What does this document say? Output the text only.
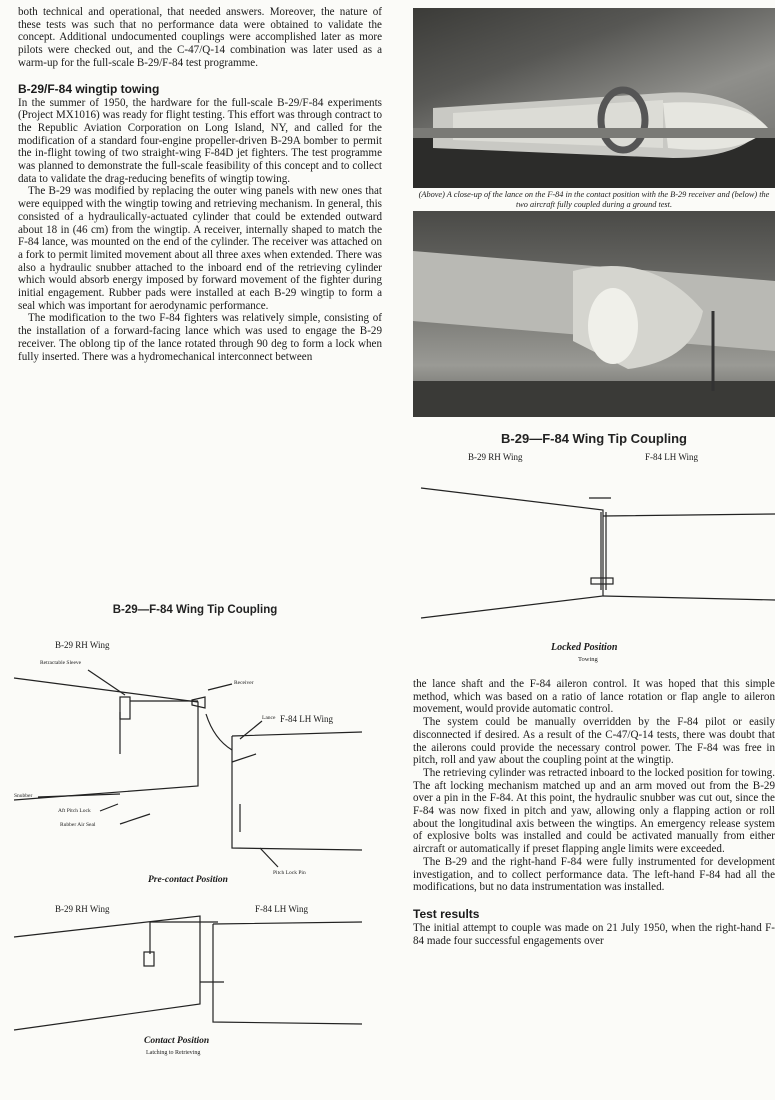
both technical and operational, that needed answers. Moreover, the nature of these tests was such that no performance data were obtained to validate the concept. Additional undocumented couplings were accomplished later as more pilots were checked out, and the C-47/Q-14 combination was later used as a warm-up for the full-scale B-29/F-84 test programme.

B-29/F-84 wingtip towing

In the summer of 1950, the hardware for the full-scale B-29/F-84 experiments (Project MX1016) was ready for flight testing. This effort was through contract to the Republic Aviation Corporation on Long Island, NY, and called for the modification of a standard four-engine propeller-driven B-29A bomber to permit the in-flight towing of two straight-wing F-84D jet fighters. The test programme was planned to demonstrate the full-scale feasibility of this concept and to collect data to validate the drag-reducing benefits of wingtip towing.

The B-29 was modified by replacing the outer wing panels with new ones that were equipped with the wingtip towing and retrieving mechanism. In general, this consisted of a hydraulically-actuated cylinder that could be extended outward about 18 in (46 cm) from the wingtip. A receiver, internally shaped to match the F-84 lance, was mounted on the end of the cylinder. The receiver was attached on a fork to permit limited movement about all three axes when extended. There was also a hydraulic snubber attached to the inboard end of the retrieving cylinder which would absorb energy imposed by forward movement of the fighter during initial engagement. Rubber pads were installed at each B-29 wingtip to form a seal which was important for aerodynamic performance.

The modification to the two F-84 fighters was relatively simple, consisting of the installation of a forward-facing lance which was used to engage the B-29 receiver. The oblong tip of the lance rotated through 90 deg to form a lock when fully inserted. There was a hydromechanical interconnect between

B-29—F-84 Wing Tip Coupling
B-29 RH Wing
Retractable Sleeve
Receiver
F-84 LH Wing
Lance
Snubber
Aft Pitch Lock
Rubber Air Seal
Pitch Lock Pin
Pre-contact Position
B-29 RH Wing	F-84 LH Wing
Contact Position
Latching to Retrieving
(Above) A close-up of the lance on the F-84 in the contact position with the B-29 receiver and (below) the two aircraft fully coupled during a ground test.
B-29—F-84 Wing Tip Coupling
B-29 RH Wing	F-84 LH Wing
Locked Position
Towing

the lance shaft and the F-84 aileron control. It was hoped that this simple method, which was based on a ratio of lance rotation or flap angle to aileron movement, would provide automatic control.

The system could be manually overridden by the F-84 pilot or easily disconnected if desired. As a result of the C-47/Q-14 tests, there was doubt that the ailerons could provide the necessary control power. The F-84 was free in pitch, roll and yaw about the coupling point at the wingtip.

The retrieving cylinder was retracted inboard to the locked position for towing. The aft locking mechanism matched up and an arm moved out from the B-29 over a pin in the F-84. At this point, the hydraulic snubber was cut out, since the F-84 was now fixed in pitch and yaw, allowing only a flapping action or roll about the longitudinal axis between the wingtips. An emergency release system of explosive bolts was installed and could be activated manually from either aircraft or automatically if preset flapping angle limits were exceeded.

The B-29 and the right-hand F-84 were fully instrumented for development investigation, and to collect performance data. The left-hand F-84 had all the modifications, but no data instrumentation was installed.

Test results

The initial attempt to couple was made on 21 July 1950, when the right-hand F-84 made four successful engagements over
